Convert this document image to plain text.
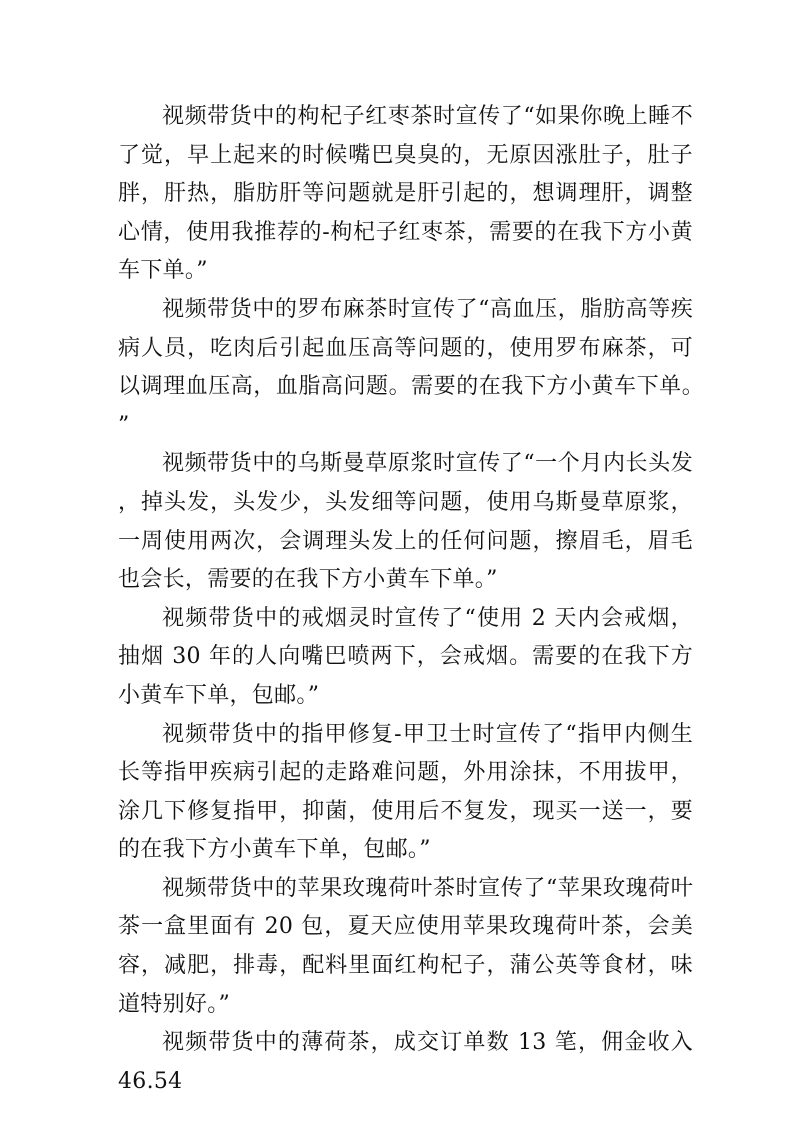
视频带货中的枸杞子红枣茶时宣传了“如果你晚上睡不了觉，早上起来的时候嘴巴臭臭的，无原因涨肚子，肚子胖，肝热，脂肪肝等问题就是肝引起的，想调理肝，调整心情，使用我推荐的-枸杞子红枣茶，需要的在我下方小黄车下单。”

视频带货中的罗布麻茶时宣传了“高血压，脂肪高等疾病人员，吃肉后引起血压高等问题的，使用罗布麻茶，可以调理血压高，血脂高问题。需要的在我下方小黄车下单。”

视频带货中的乌斯曼草原浆时宣传了“一个月内长头发，掉头发，头发少，头发细等问题，使用乌斯曼草原浆，一周使用两次，会调理头发上的任何问题，擦眉毛，眉毛也会长，需要的在我下方小黄车下单。”

视频带货中的戒烟灵时宣传了“使用 2 天内会戒烟，抽烟 30 年的人向嘴巴喷两下，会戒烟。需要的在我下方小黄车下单，包邮。”

视频带货中的指甲修复-甲卫士时宣传了“指甲内侧生长等指甲疾病引起的走路难问题，外用涂抹，不用拔甲，涂几下修复指甲，抑菌，使用后不复发，现买一送一，要的在我下方小黄车下单，包邮。”

视频带货中的苹果玫瑰荷叶茶时宣传了“苹果玫瑰荷叶茶一盒里面有 20 包，夏天应使用苹果玫瑰荷叶茶，会美容，减肥，排毒，配料里面红枸杞子，蒲公英等食材，味道特别好。”

视频带货中的薄荷茶，成交订单数 13 笔，佣金收入 46.54
